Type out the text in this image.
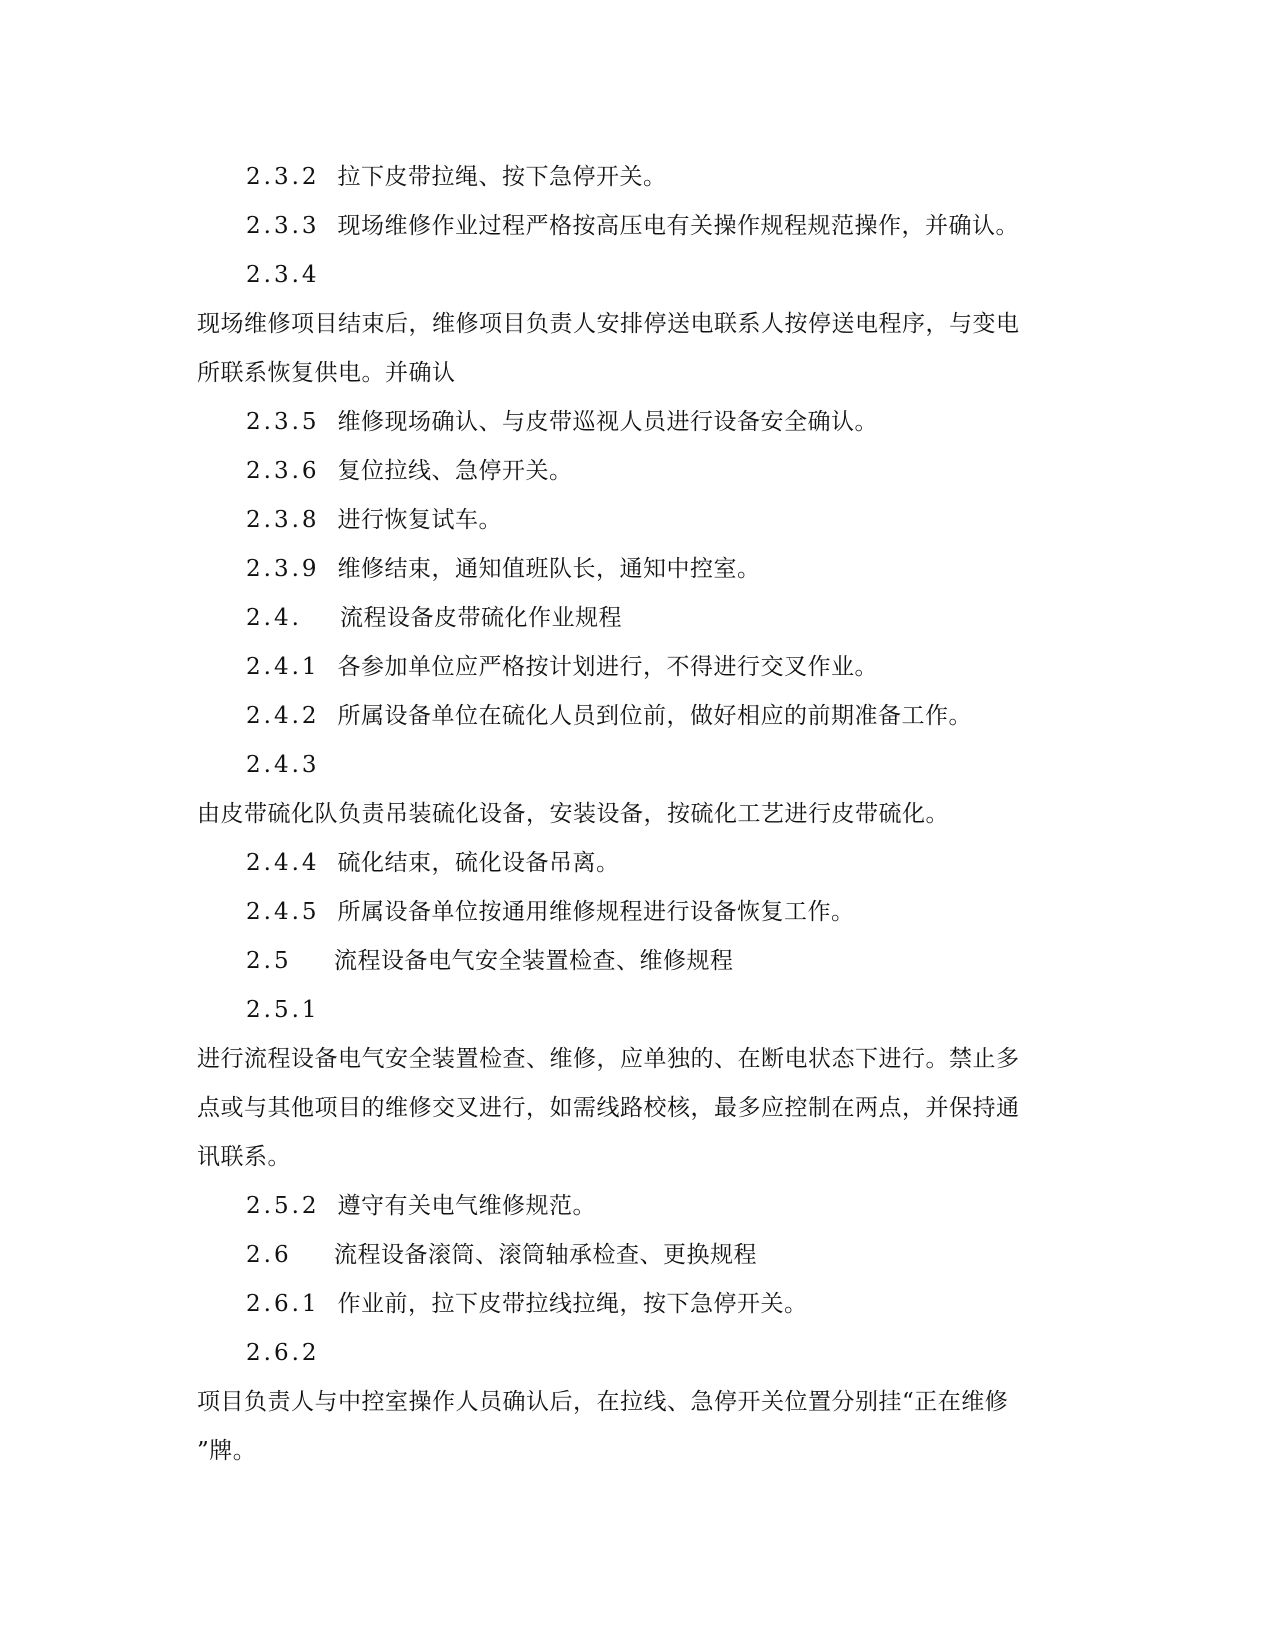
2.3.2 拉下皮带拉绳、按下急停开关。
2.3.3 现场维修作业过程严格按高压电有关操作规程规范操作，并确认。
2.3.4
现场维修项目结束后，维修项目负责人安排停送电联系人按停送电程序，与变电
所联系恢复供电。并确认
2.3.5 维修现场确认、与皮带巡视人员进行设备安全确认。
2.3.6 复位拉线、急停开关。
2.3.8 进行恢复试车。
2.3.9 维修结束，通知值班队长，通知中控室。
2.4. 流程设备皮带硫化作业规程
2.4.1 各参加单位应严格按计划进行，不得进行交叉作业。
2.4.2 所属设备单位在硫化人员到位前，做好相应的前期准备工作。
2.4.3
由皮带硫化队负责吊装硫化设备，安装设备，按硫化工艺进行皮带硫化。
2.4.4 硫化结束，硫化设备吊离。
2.4.5 所属设备单位按通用维修规程进行设备恢复工作。
2.5 流程设备电气安全装置检查、维修规程
2.5.1
进行流程设备电气安全装置检查、维修，应单独的、在断电状态下进行。禁止多
点或与其他项目的维修交叉进行，如需线路校核，最多应控制在两点，并保持通
讯联系。
2.5.2 遵守有关电气维修规范。
2.6 流程设备滚筒、滚筒轴承检查、更换规程
2.6.1 作业前，拉下皮带拉线拉绳，按下急停开关。
2.6.2
项目负责人与中控室操作人员确认后，在拉线、急停开关位置分别挂“正在维修
”牌。
